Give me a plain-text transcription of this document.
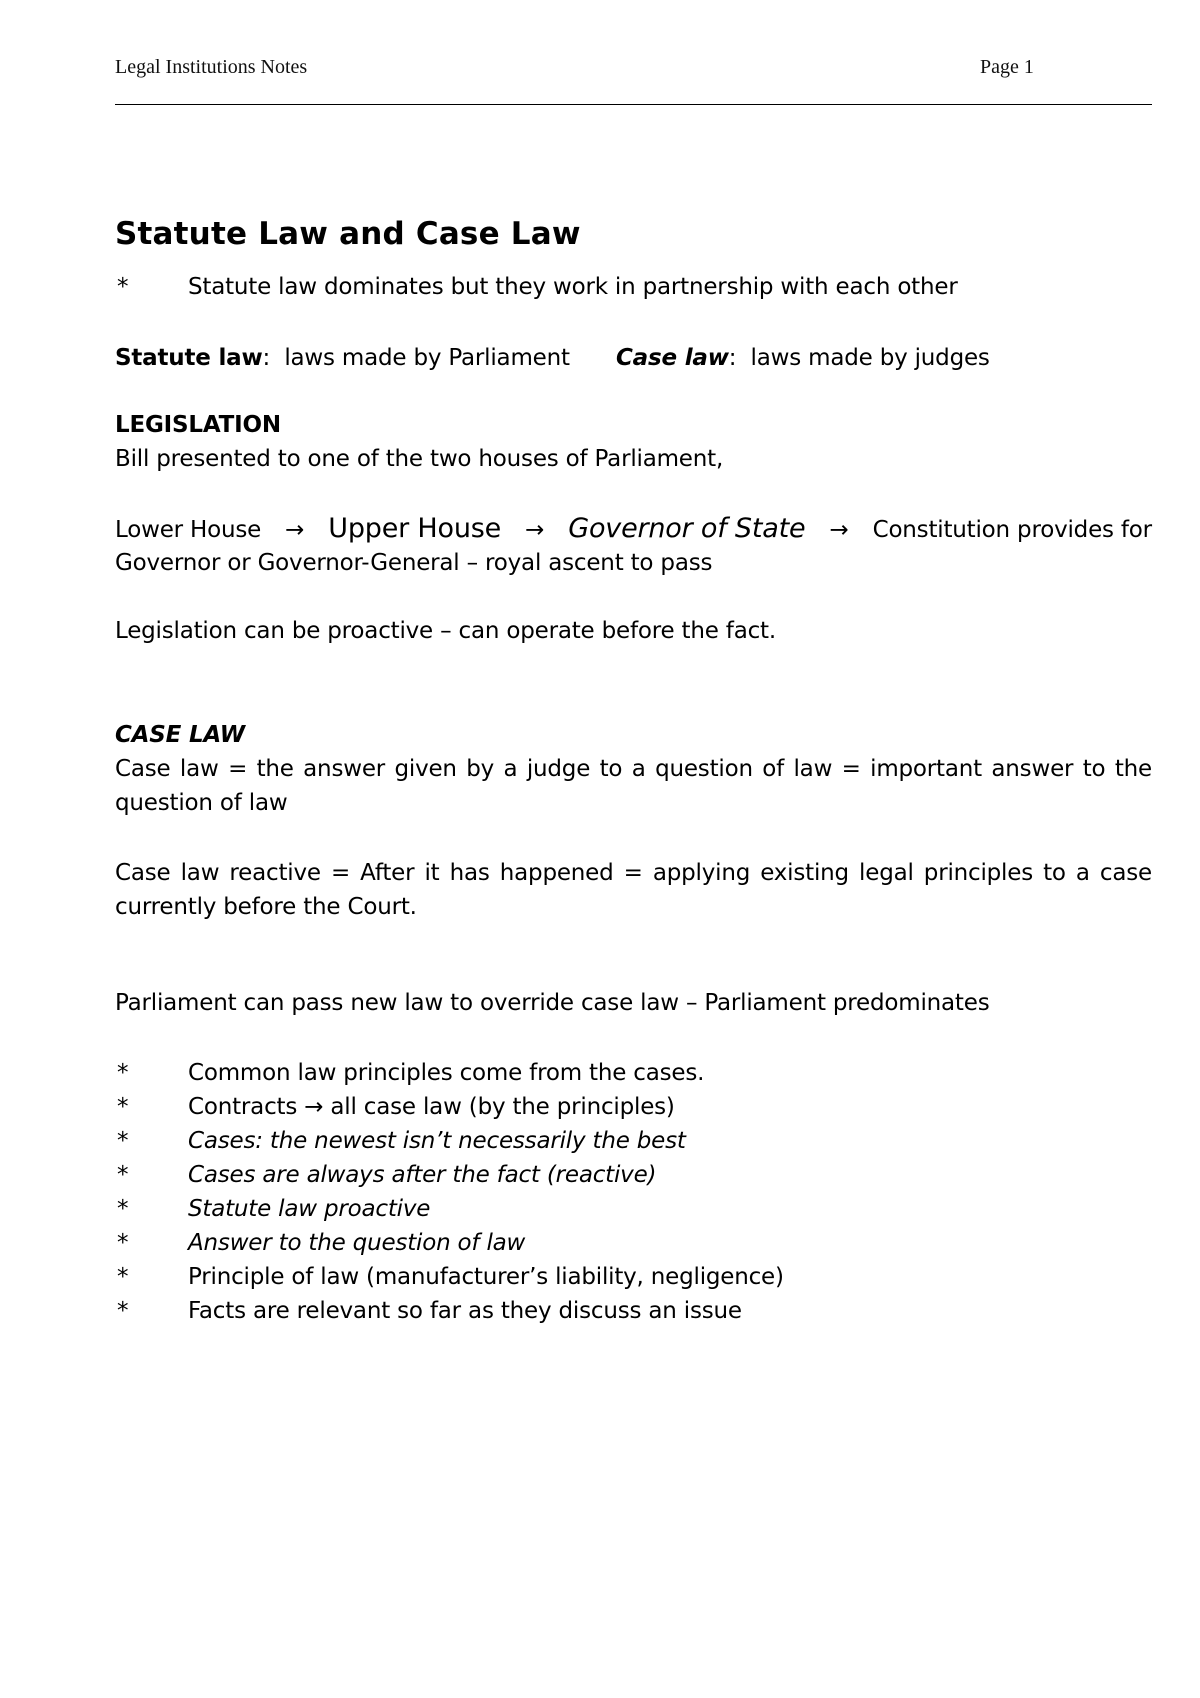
Legal Institutions Notes	Page 1
Statute Law and Case Law
*	Statute law dominates but they work in partnership with each other
Statute law: laws made by Parliament Case law: laws made by judges
LEGISLATION
Bill presented to one of the two houses of Parliament,
Lower House → Upper House → Governor of State → Constitution provides for
Governor or Governor-General – royal ascent to pass
Legislation can be proactive – can operate before the fact.
CASE LAW
Case law = the answer given by a judge to a question of law = important answer to the question of law
Case law reactive = After it has happened = applying existing legal principles to a case currently before the Court.
Parliament can pass new law to override case law – Parliament predominates
*	Common law principles come from the cases.
*	Contracts → all case law (by the principles)
*	Cases: the newest isn’t necessarily the best
*	Cases are always after the fact (reactive)
*	Statute law proactive
*	Answer to the question of law
*	Principle of law (manufacturer’s liability, negligence)
*	Facts are relevant so far as they discuss an issue
